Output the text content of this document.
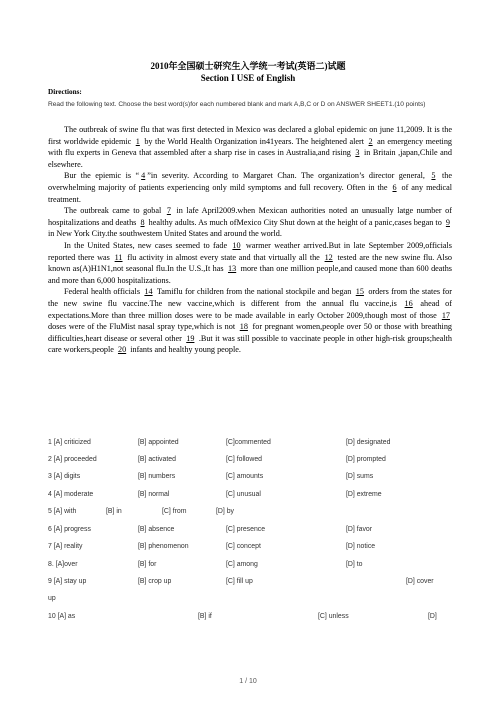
2010年全国硕士研究生入学统一考试(英语二)试题
Section I USE of English
Directions:
Read the following text. Choose the best word(s)for each numbered blank and mark A,B,C or D on ANSWER SHEET1.(10 points)

The outbreak of swine flu that was first detected in Mexico was declared a global epidemic on june 11,2009. It is the first worldwide epidemic 1 by the World Health Organization in41years. The heightened alert 2 an emergency meeting with flu experts in Geneva that assembled after a sharp rise in cases in Australia,and rising 3 in Britain ,japan,Chile and elsewhere.

Bur the epiemic is “ 4 ”in severity. According to Margaret Chan. The organization’s director general, 5 the overwhelming majority of patients experiencing only mild symptoms and full recovery. Often in the 6 of any medical treatment.

The outbreak came to gobal 7 in lafe April2009.when Mexican authorities noted an unusually latge number of hospitalizations and deaths 8 healthy adults. As much ofMexico City Shut down at the height of a panic,cases began to 9 in New York City.the southwestem United States and around the world.

In the United States, new cases seemed to fade 10 warmer weather arrived.But in late September 2009,officials reported there was 11 flu activity in almost every state and that virtually all the 12 tested are the new swine flu. Also known as(A)H1N1,not seasonal flu.In the U.S.,It has 13 more than one million people,and caused mone than 600 deaths and more than 6,000 hospitalizations.

Federal health officials 14 Tamiflu for children from the national stockpile and began 15 orders from the states for the new swine flu vaccine.The new vaccine,which is different from the annual flu vaccine,is 16 ahead of expectations.More than three million doses were to be made available in early October 2009,though most of those 17 doses were of the FluMist nasal spray type,which is not 18 for pregnant women,people over 50 or those with breathing difficulties,heart disease or several other 19 .But it was still possible to vaccinate people in other high-risk groups;health care workers,people 20 infants and healthy young people.

1 [A] criticized	[B] appointed	[C]commented	[D] designated
2 [A] proceeded	[B] activated	[C] followed	[D] prompted
3 [A] digits	[B] numbers	[C] amounts	[D] sums
4 [A] moderate	[B] normal	[C] unusual	[D] extreme
5 [A] with	[B] in	[C] from	[D] by
6 [A] progress	[B] absence	[C] presence	[D] favor
7 [A] reality	[B] phenomenon	[C] concept	[D] notice
8. [A]over	[B] for	[C] among	[D] to
9 [A] stay up	[B] crop up	[C] fill up	[D] cover
up
10 [A] as	[B] if	[C] unless	[D]
1 / 10
